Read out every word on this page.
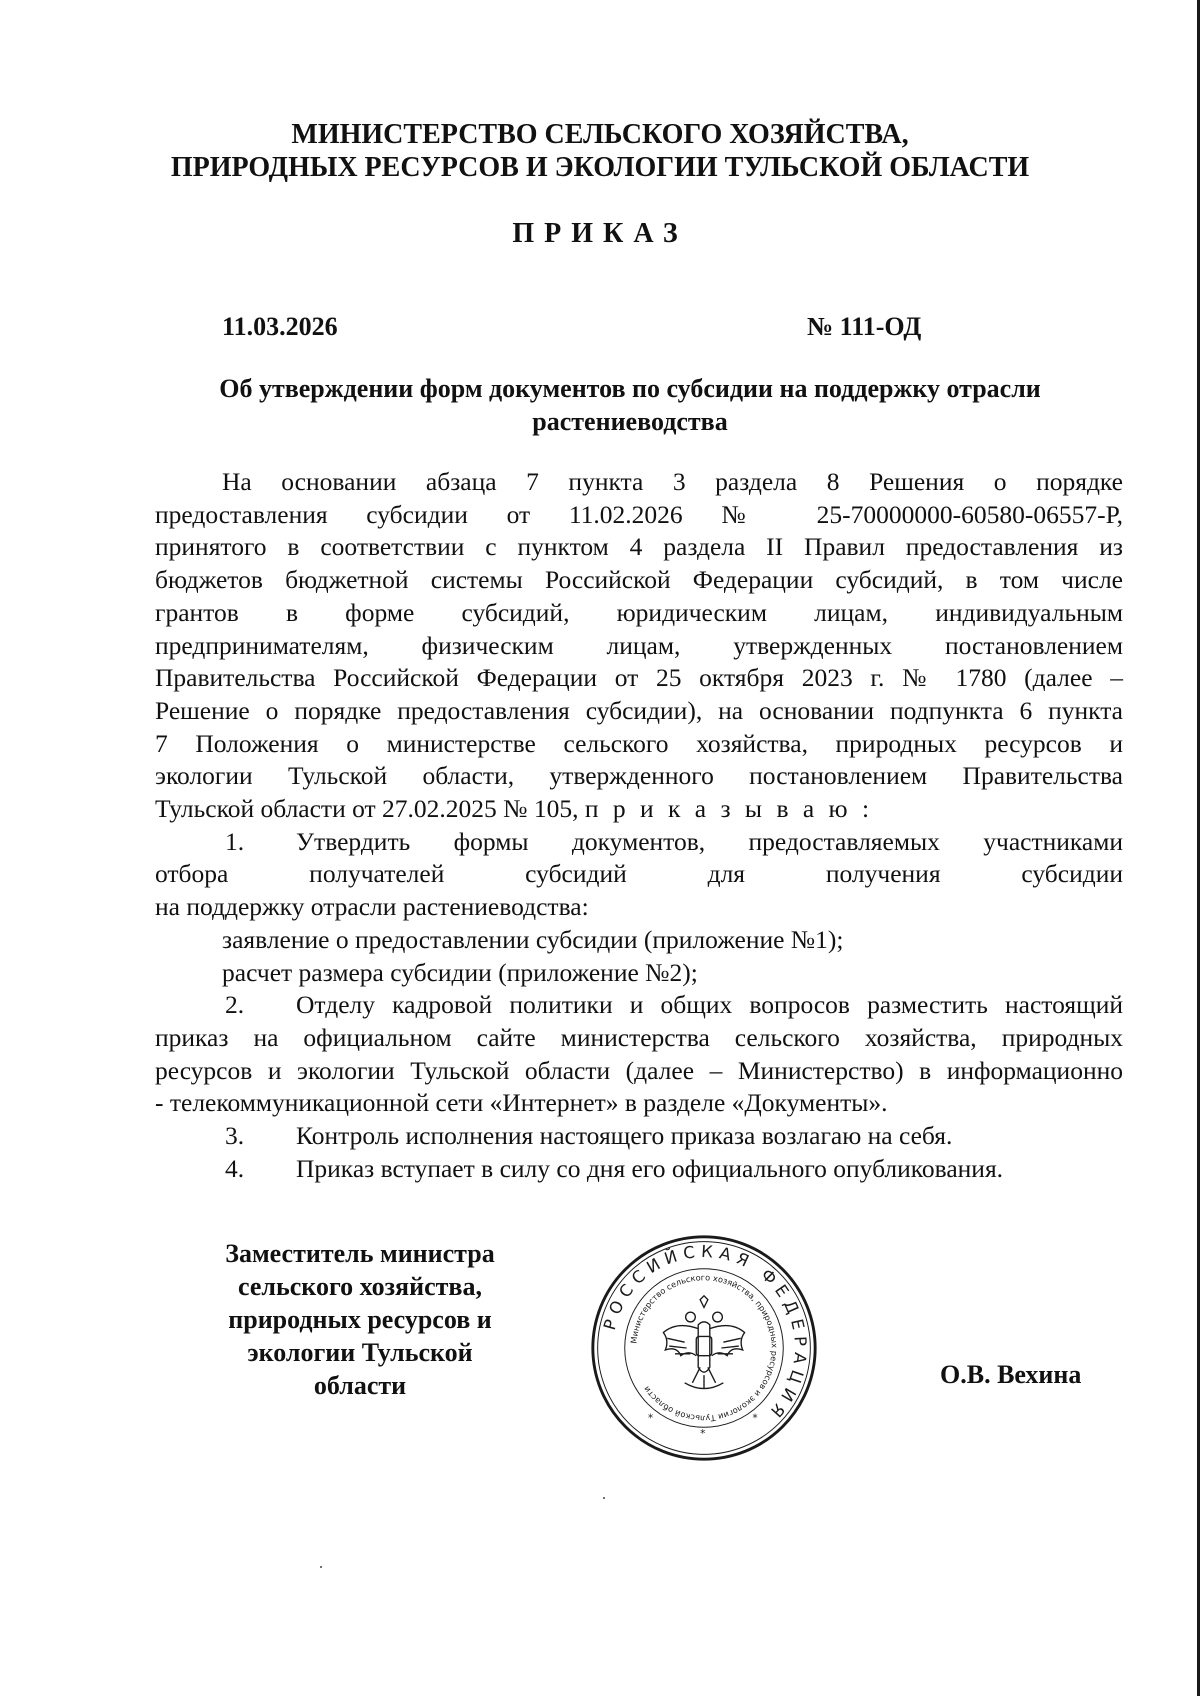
МИНИСТЕРСТВО СЕЛЬСКОГО ХОЗЯЙСТВА,
ПРИРОДНЫХ РЕСУРСОВ И ЭКОЛОГИИ ТУЛЬСКОЙ ОБЛАСТИ
ПРИКАЗ
11.03.2026	№ 111-ОД
Об утверждении форм документов по субсидии на поддержку отрасли
растениеводства

На основании абзаца 7 пункта 3 раздела 8 Решения о порядке

предоставления субсидии от 11.02.2026 № 25-70000000-60580-06557-Р,

принятого в соответствии с пунктом 4 раздела II Правил предоставления из

бюджетов бюджетной системы Российской Федерации субсидий, в том числе

грантов в форме субсидий, юридическим лицам, индивидуальным

предпринимателям, физическим лицам, утвержденных постановлением

Правительства Российской Федерации от 25 октября 2023 г. № 1780 (далее –

Решение о порядке предоставления субсидии), на основании подпункта 6 пункта

7 Положения о министерстве сельского хозяйства, природных ресурсов и

экологии Тульской области, утвержденного постановлением Правительства

Тульской области от 27.02.2025 № 105, п р и к а з ы в а ю :

1. Утвердить формы документов, предоставляемых участниками

отбора получателей субсидий для получения субсидии

на поддержку отрасли растениеводства:

заявление о предоставлении субсидии (приложение №1);

расчет размера субсидии (приложение №2);

2. Отделу кадровой политики и общих вопросов разместить настоящий

приказ на официальном сайте министерства сельского хозяйства, природных

ресурсов и экологии Тульской области (далее – Министерство) в информационно

- телекоммуникационной сети «Интернет» в разделе «Документы».

3. Контроль исполнения настоящего приказа возлагаю на себя.

4. Приказ вступает в силу со дня его официального опубликования.

Заместитель министра
сельского хозяйства,
природных ресурсов и
экологии Тульской
области
РОССИЙСКАЯ ФЕДЕРАЦИЯ
Министерство сельского хозяйства, природных ресурсов и экологии Тульской области
*
*
*
О.В. Вехина
